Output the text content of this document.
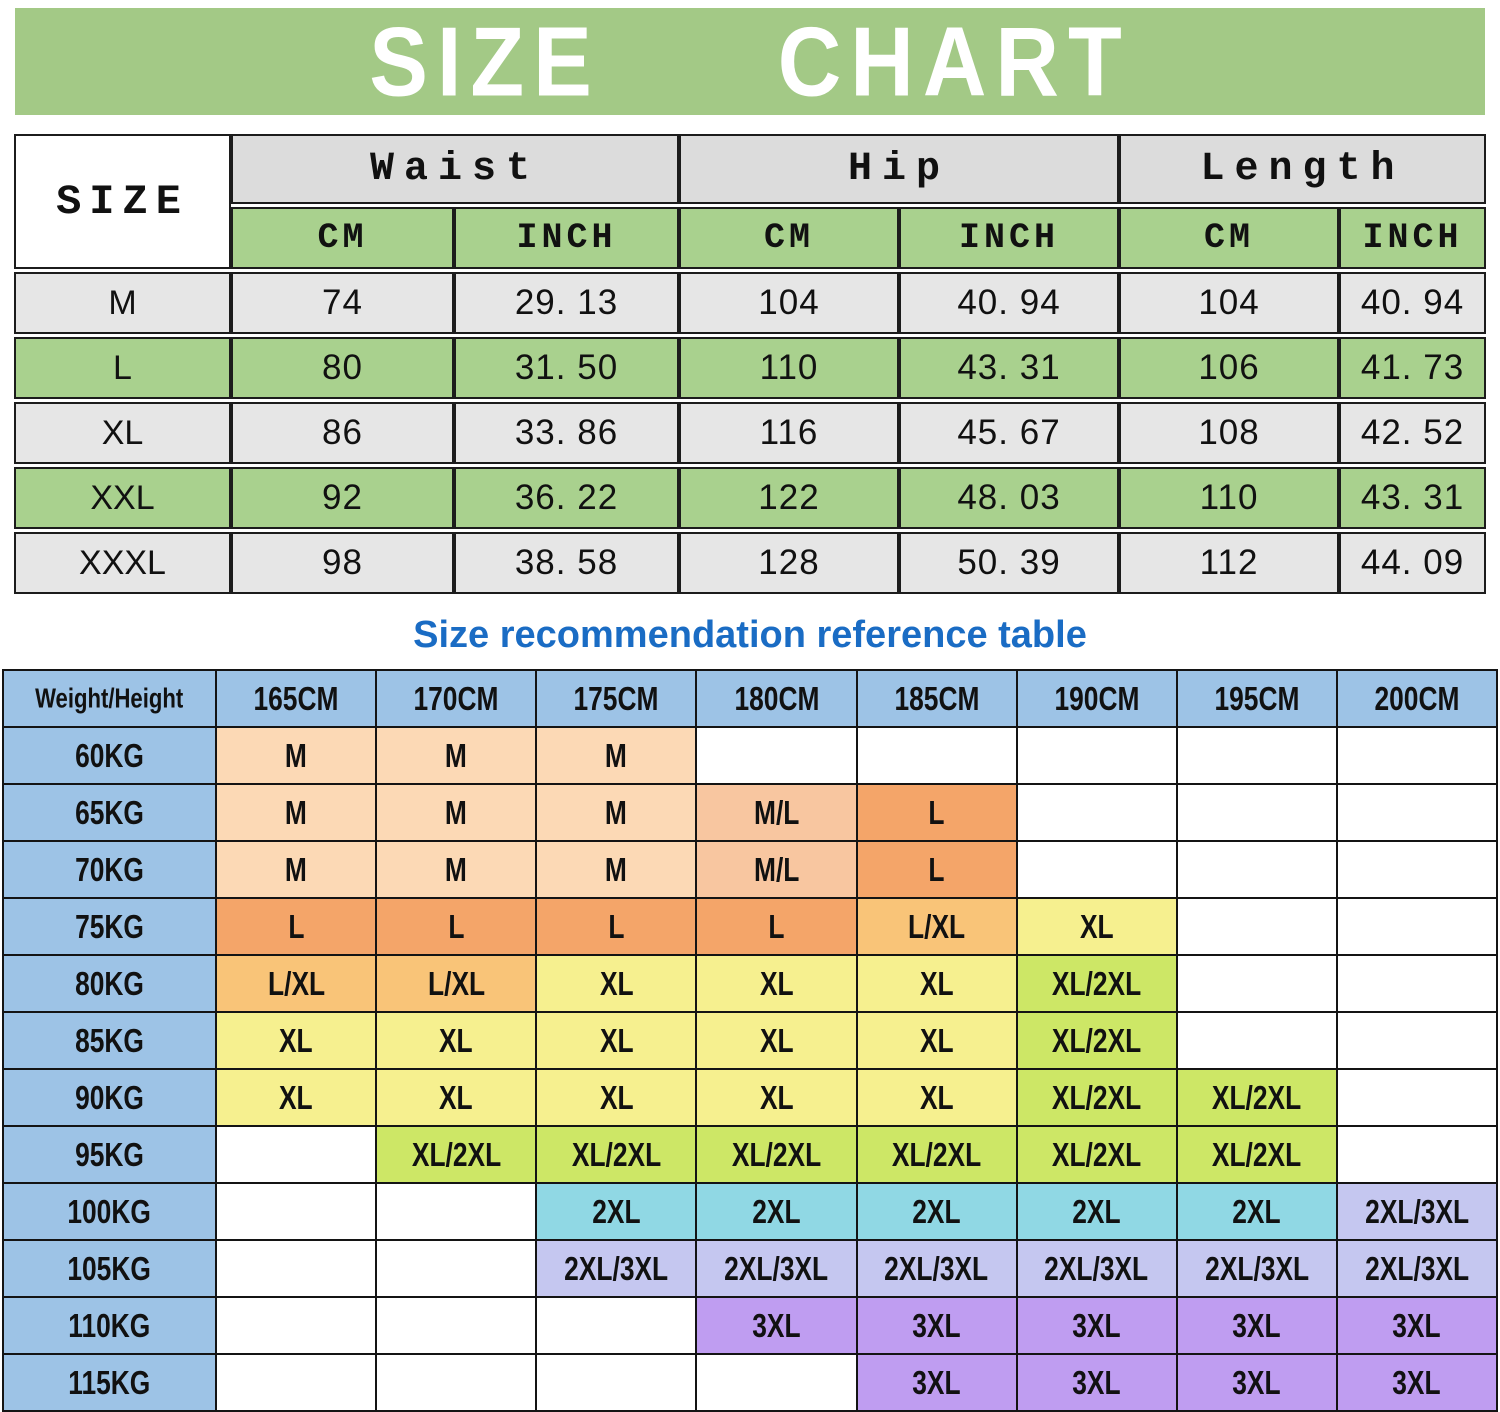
SIZE  CHART
SIZE	Waist		Hip		Length	
	CM	INCH	CM	INCH	CM	INCH
M	74	29. 13	104	40. 94	104	40. 94
L	80	31. 50	110	43. 31	106	41. 73
XL	86	33. 86	116	45. 67	108	42. 52
XXL	92	36. 22	122	48. 03	110	43. 31
XXXL	98	38. 58	128	50. 39	112	44. 09
Size recommendation reference table
Weight/Height	165CM	170CM	175CM	180CM	185CM	190CM	195CM	200CM
60KG	M	M	M					
65KG	M	M	M	M/L	L			
70KG	M	M	M	M/L	L			
75KG	L	L	L	L	L/XL	XL		
80KG	L/XL	L/XL	XL	XL	XL	XL/2XL		
85KG	XL	XL	XL	XL	XL	XL/2XL		
90KG	XL	XL	XL	XL	XL	XL/2XL	XL/2XL	
95KG		XL/2XL	XL/2XL	XL/2XL	XL/2XL	XL/2XL	XL/2XL	
100KG			2XL	2XL	2XL	2XL	2XL	2XL/3XL
105KG			2XL/3XL	2XL/3XL	2XL/3XL	2XL/3XL	2XL/3XL	2XL/3XL
110KG				3XL	3XL	3XL	3XL	3XL
115KG					3XL	3XL	3XL	3XL
